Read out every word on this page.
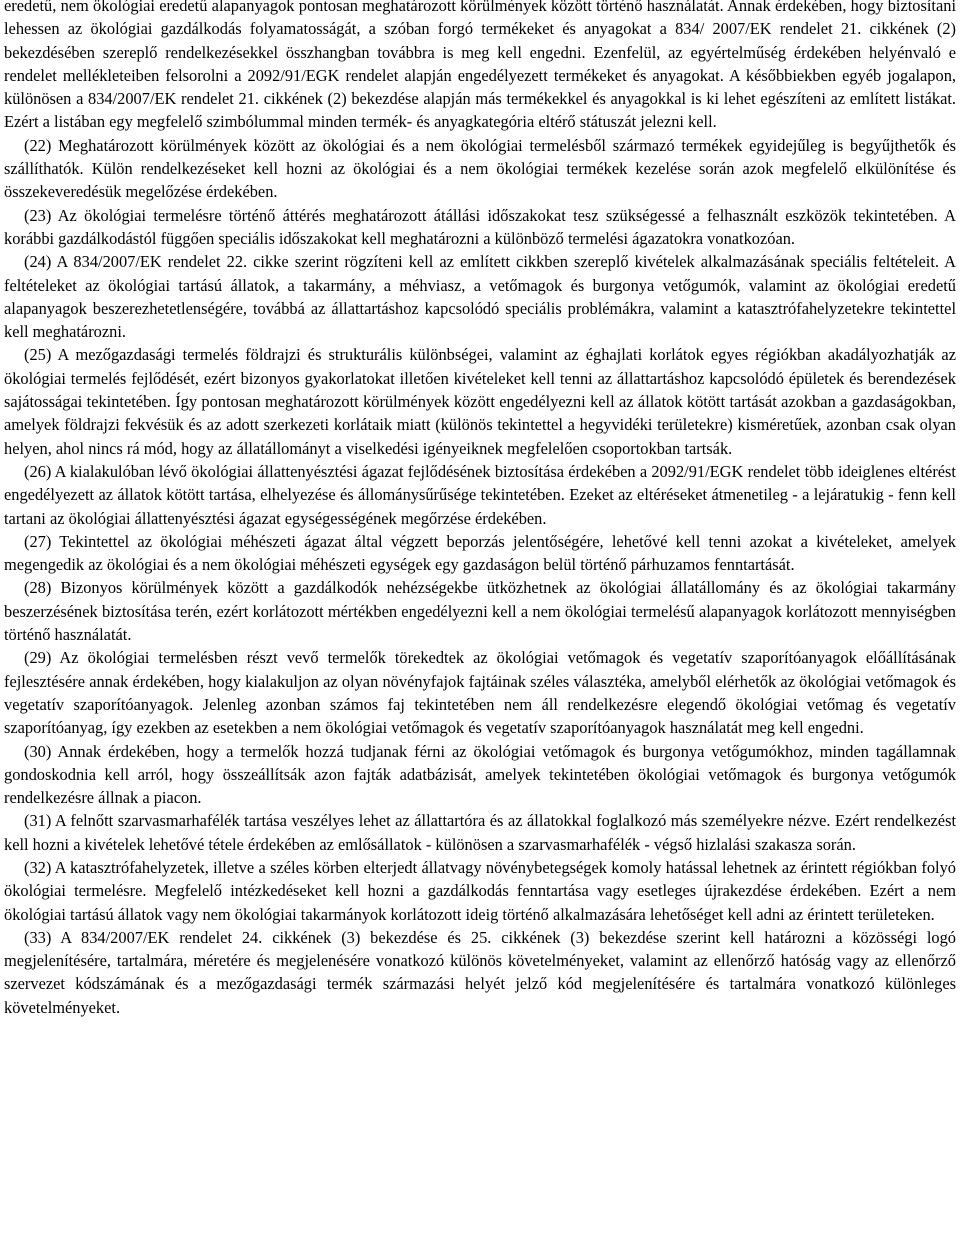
eredetű, nem ökológiai eredetű alapanyagok pontosan meghatározott körülmények között történő használatát. Annak érdekében, hogy biztosítani lehessen az ökológiai gazdálkodás folyamatosságát, a szóban forgó termékeket és anyagokat a 834/ 2007/EK rendelet 21. cikkének (2) bekezdésében szereplő rendelkezésekkel összhangban továbbra is meg kell engedni. Ezenfelül, az egyértelműség érdekében helyénvaló e rendelet mellékleteiben felsorolni a 2092/91/EGK rendelet alapján engedélyezett termékeket és anyagokat. A későbbiekben egyéb jogalapon, különösen a 834/2007/EK rendelet 21. cikkének (2) bekezdése alapján más termékekkel és anyagokkal is ki lehet egészíteni az említett listákat. Ezért a listában egy megfelelő szimbólummal minden termék- és anyagkategória eltérő státuszát jelezni kell.

(22) Meghatározott körülmények között az ökológiai és a nem ökológiai termelésből származó termékek egyidejűleg is begyűjthetők és szállíthatók. Külön rendelkezéseket kell hozni az ökológiai és a nem ökológiai termékek kezelése során azok megfelelő elkülönítése és összekeveredésük megelőzése érdekében.

(23) Az ökológiai termelésre történő áttérés meghatározott átállási időszakokat tesz szükségessé a felhasznált eszközök tekintetében. A korábbi gazdálkodástól függően speciális időszakokat kell meghatározni a különböző termelési ágazatokra vonatkozóan.

(24) A 834/2007/EK rendelet 22. cikke szerint rögzíteni kell az említett cikkben szereplő kivételek alkalmazásának speciális feltételeit. A feltételeket az ökológiai tartású állatok, a takarmány, a méhviasz, a vetőmagok és burgonya vetőgumók, valamint az ökológiai eredetű alapanyagok beszerezhetetlenségére, továbbá az állattartáshoz kapcsolódó speciális problémákra, valamint a katasztrófahelyzetekre tekintettel kell meghatározni.

(25) A mezőgazdasági termelés földrajzi és strukturális különbségei, valamint az éghajlati korlátok egyes régiókban akadályozhatják az ökológiai termelés fejlődését, ezért bizonyos gyakorlatokat illetően kivételeket kell tenni az állattartáshoz kapcsolódó épületek és berendezések sajátosságai tekintetében. Így pontosan meghatározott körülmények között engedélyezni kell az állatok kötött tartását azokban a gazdaságokban, amelyek földrajzi fekvésük és az adott szerkezeti korlátaik miatt (különös tekintettel a hegyvidéki területekre) kisméretűek, azonban csak olyan helyen, ahol nincs rá mód, hogy az állatállományt a viselkedési igényeiknek megfelelően csoportokban tartsák.

(26) A kialakulóban lévő ökológiai állattenyésztési ágazat fejlődésének biztosítása érdekében a 2092/91/EGK rendelet több ideiglenes eltérést engedélyezett az állatok kötött tartása, elhelyezése és állománysűrűsége tekintetében. Ezeket az eltéréseket átmenetileg - a lejáratukig - fenn kell tartani az ökológiai állattenyésztési ágazat egységességének megőrzése érdekében.

(27) Tekintettel az ökológiai méhészeti ágazat által végzett beporzás jelentőségére, lehetővé kell tenni azokat a kivételeket, amelyek megengedik az ökológiai és a nem ökológiai méhészeti egységek egy gazdaságon belül történő párhuzamos fenntartását.

(28) Bizonyos körülmények között a gazdálkodók nehézségekbe ütközhetnek az ökológiai állatállomány és az ökológiai takarmány beszerzésének biztosítása terén, ezért korlátozott mértékben engedélyezni kell a nem ökológiai termelésű alapanyagok korlátozott mennyiségben történő használatát.

(29) Az ökológiai termelésben részt vevő termelők törekedtek az ökológiai vetőmagok és vegetatív szaporítóanyagok előállításának fejlesztésére annak érdekében, hogy kialakuljon az olyan növényfajok fajtáinak széles választéka, amelyből elérhetők az ökológiai vetőmagok és vegetatív szaporítóanyagok. Jelenleg azonban számos faj tekintetében nem áll rendelkezésre elegendő ökológiai vetőmag és vegetatív szaporítóanyag, így ezekben az esetekben a nem ökológiai vetőmagok és vegetatív szaporítóanyagok használatát meg kell engedni.

(30) Annak érdekében, hogy a termelők hozzá tudjanak férni az ökológiai vetőmagok és burgonya vetőgumókhoz, minden tagállamnak gondoskodnia kell arról, hogy összeállítsák azon fajták adatbázisát, amelyek tekintetében ökológiai vetőmagok és burgonya vetőgumók rendelkezésre állnak a piacon.

(31) A felnőtt szarvasmarhafélék tartása veszélyes lehet az állattartóra és az állatokkal foglalkozó más személyekre nézve. Ezért rendelkezést kell hozni a kivételek lehetővé tétele érdekében az emlősállatok - különösen a szarvasmarhafélék - végső hizlalási szakasza során.

(32) A katasztrófahelyzetek, illetve a széles körben elterjedt állatvagy növénybetegségek komoly hatással lehetnek az érintett régiókban folyó ökológiai termelésre. Megfelelő intézkedéseket kell hozni a gazdálkodás fenntartása vagy esetleges újrakezdése érdekében. Ezért a nem ökológiai tartású állatok vagy nem ökológiai takarmányok korlátozott ideig történő alkalmazására lehetőséget kell adni az érintett területeken.

(33) A 834/2007/EK rendelet 24. cikkének (3) bekezdése és 25. cikkének (3) bekezdése szerint kell határozni a közösségi logó megjelenítésére, tartalmára, méretére és megjelenésére vonatkozó különös követelményeket, valamint az ellenőrző hatóság vagy az ellenőrző szervezet kódszámának és a mezőgazdasági termék származási helyét jelző kód megjelenítésére és tartalmára vonatkozó különleges követelményeket.
